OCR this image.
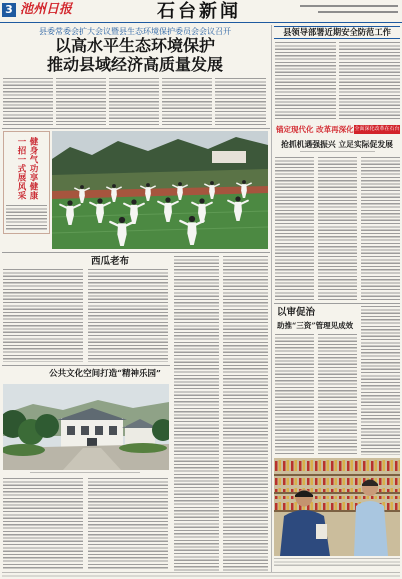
3 池州日报	石台新闻
县委常委会扩大会议暨县生态环境保护委员会会议召开
以高水平生态环境保护
推动县域经济高质量发展
健身气功享健康
一招一式展风采
西瓜老布
公共文化空间打造“精神乐园”
县领导部署近期安全防范工作
锚定现代化 改革再深化 全面深化改革在石台
抢抓机遇强振兴 立足实际促发展
以审促治
助推“三资”管理见成效
